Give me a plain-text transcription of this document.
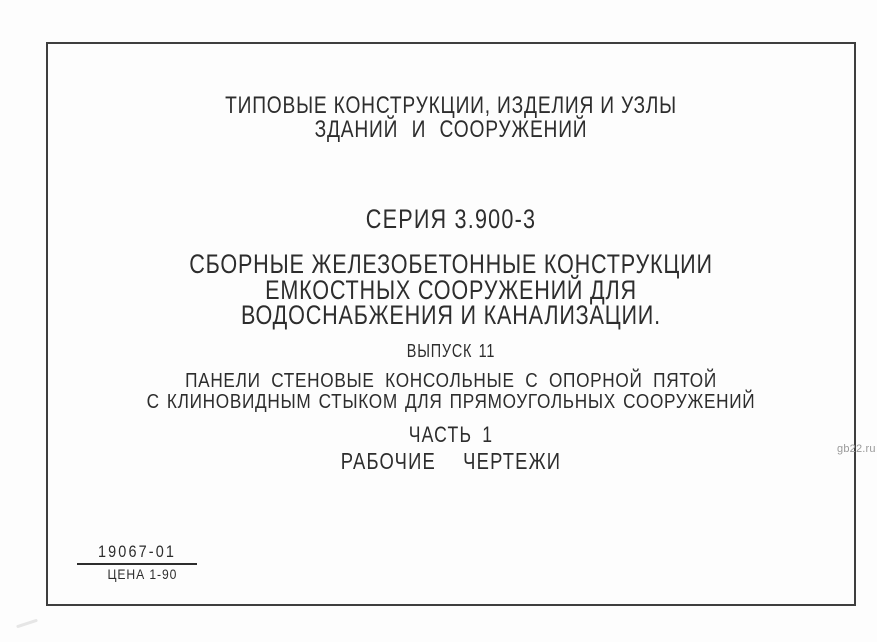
ТИПОВЫЕ КОНСТРУКЦИИ, ИЗДЕЛИЯ И УЗЛЫ
ЗДАНИЙ И СООРУЖЕНИЙ
СЕРИЯ 3.900-3
СБОРНЫЕ ЖЕЛЕЗОБЕТОННЫЕ КОНСТРУКЦИИ
ЕМКОСТНЫХ СООРУЖЕНИЙ ДЛЯ
ВОДОСНАБЖЕНИЯ И КАНАЛИЗАЦИИ.
ВЫПУСК 11
ПАНЕЛИ СТЕНОВЫЕ КОНСОЛЬНЫЕ С ОПОРНОЙ ПЯТОЙ
С КЛИНОВИДНЫМ СТЫКОМ ДЛЯ ПРЯМОУГОЛЬНЫХ СООРУЖЕНИЙ
ЧАСТЬ 1
РАБОЧИЕ ЧЕРТЕЖИ
19067-01
ЦЕНА 1-90
gb22.ru
